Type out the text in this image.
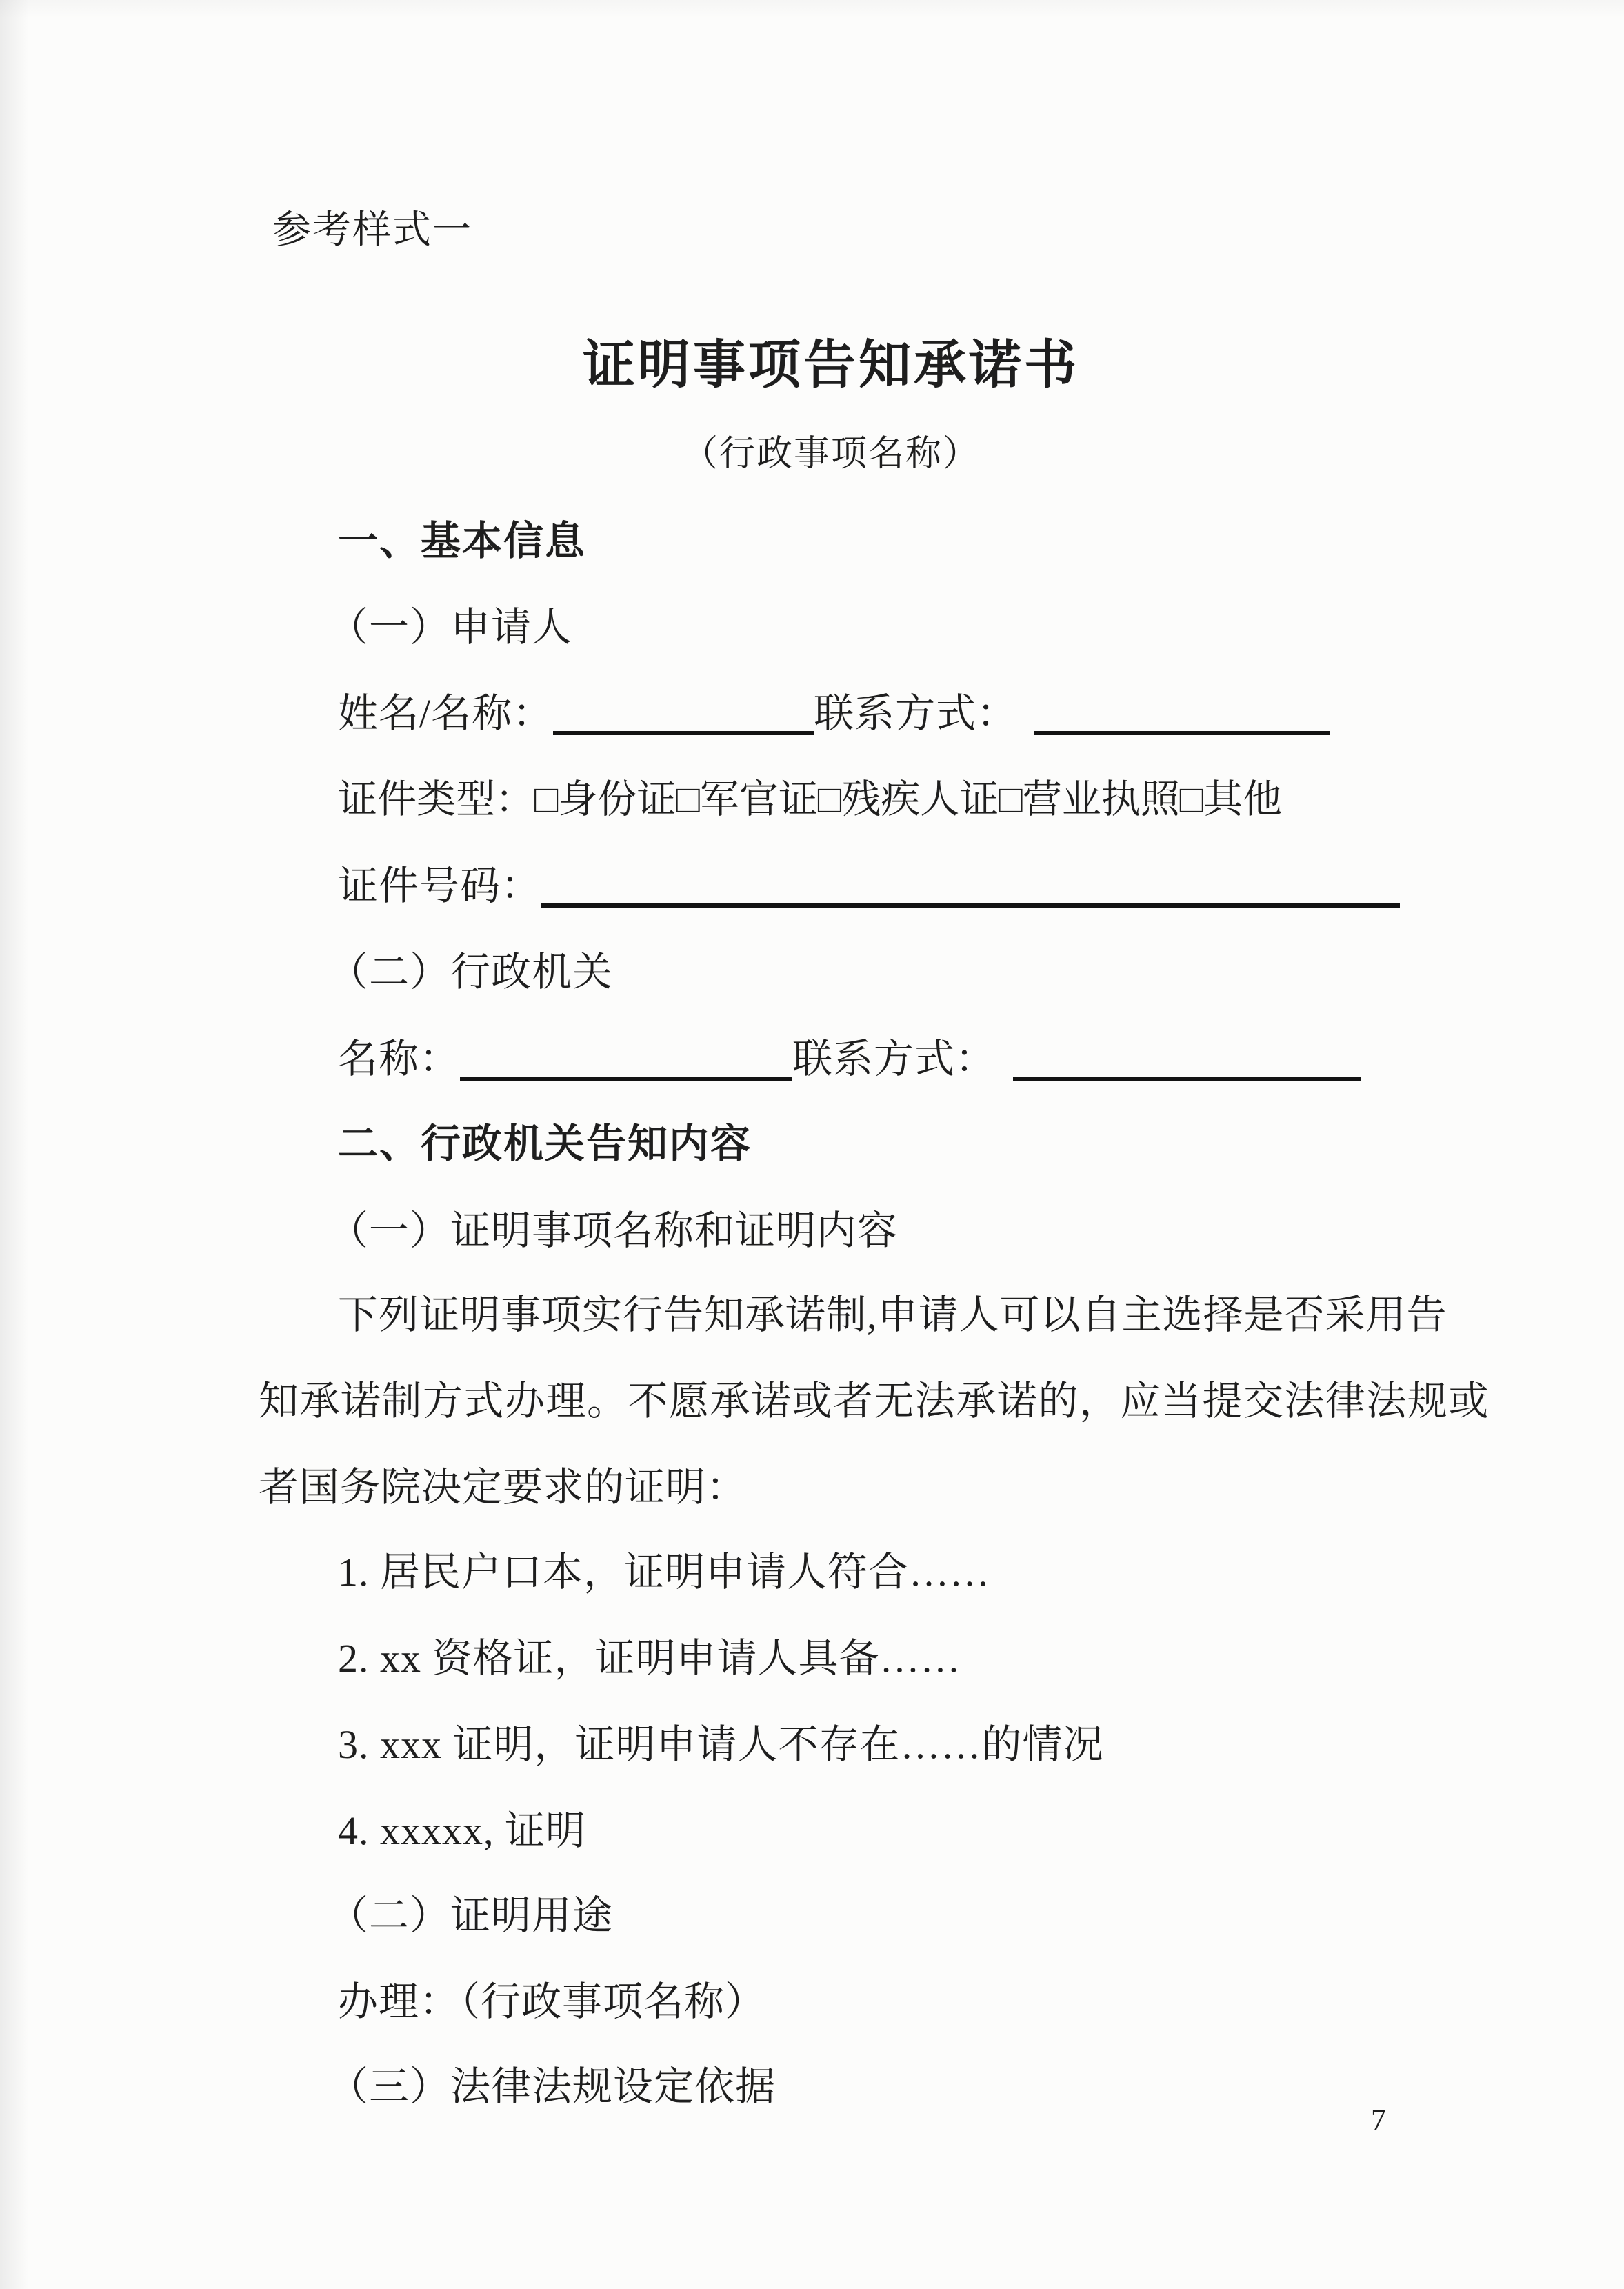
参考样式一
证明事项告知承诺书
（行政事项名称）
一、基本信息
（一）申请人
姓名/名称：	联系方式：
证件类型：□身份证□军官证□残疾人证□营业执照□其他
证件号码：
（二）行政机关
名称：	联系方式：
二、行政机关告知内容
（一）证明事项名称和证明内容
下列证明事项实行告知承诺制,申请人可以自主选择是否采用告
知承诺制方式办理。不愿承诺或者无法承诺的，应当提交法律法规或
者国务院决定要求的证明：
1. 居民户口本，证明申请人符合……
2. xx 资格证，证明申请人具备……
3. xxx 证明，证明申请人不存在……的情况
4. xxxxx, 证明
（二）证明用途
办理：（行政事项名称）
（三）法律法规设定依据
7
